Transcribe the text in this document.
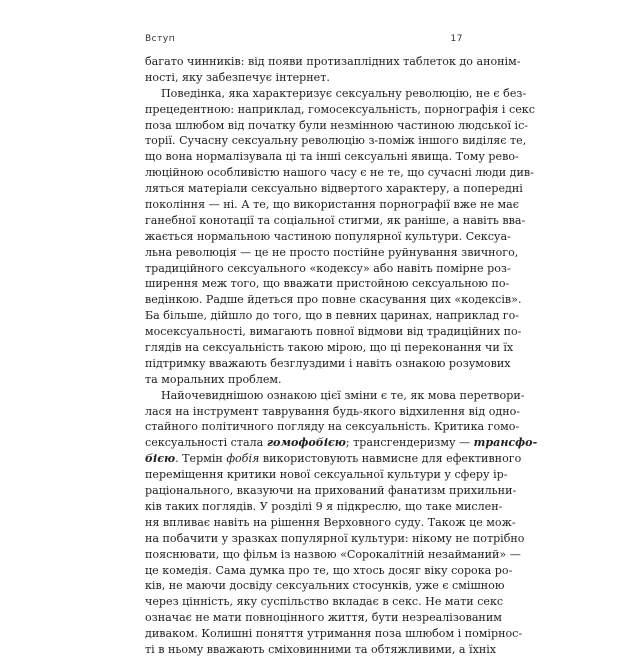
Вступ	17
багато чинників: від появи протизаплідних таблеток до анонім-
ності, яку забезпечує інтернет.
Поведінка, яка характеризує сексуальну революцію, не є без-
прецедентною: наприклад, гомосексуальність, порнографія і секс
поза шлюбом від початку були незмінною частиною людської іс-
торії. Сучасну сексуальну революцію з-поміж іншого виділяє те,
що вона нормалізувала ці та інші сексуальні явища. Тому рево-
люційною особливістю нашого часу є не те, що сучасні люди див-
ляться матеріали сексуально відвертого характеру, а попередні
покоління — ні. А те, що використання порнографії вже не має
ганебної конотації та соціальної стигми, як раніше, а навіть вва-
жається нормальною частиною популярної культури. Сексуа-
льна революція — це не просто постійне руйнування звичного,
традиційного сексуального «кодексу» або навіть помірне роз-
ширення меж того, що вважати пристойною сексуальною по-
ведінкою. Радше йдеться про повне скасування цих «кодексів».
Ба більше, дійшло до того, що в певних царинах, наприклад го-
мосексуальності, вимагають повної відмови від традиційних по-
глядів на сексуальність такою мірою, що ці переконання чи їх
підтримку вважають безглуздими і навіть ознакою розумових
та моральних проблем.
Найочевиднішою ознакою цієї зміни є те, як мова перетвори-
лася на інструмент таврування будь-якого відхилення від одно-
стайного політичного погляду на сексуальність. Критика гомо-
сексуальності стала гомофобією; трансгендеризму — трансфо-
бією. Термін фобія використовують навмисне для ефективного
переміщення критики нової сексуальної культури у сферу ір-
раціонального, вказуючи на прихований фанатизм прихильни-
ків таких поглядів. У розділі 9 я підкреслю, що таке мислен-
ня впливає навіть на рішення Верховного суду. Також це мож-
на побачити у зразках популярної культури: нікому не потрібно
пояснювати, що фільм із назвою «Сорокалітній незайманий» —
це комедія. Сама думка про те, що хтось досяг віку сорока ро-
ків, не маючи досвіду сексуальних стосунків, уже є смішною
через цінність, яку суспільство вкладає в секс. Не мати секс
означає не мати повноцінного життя, бути незреалізованим
диваком. Колишні поняття утримання поза шлюбом і помірнос-
ті в ньому вважають сміховинними та обтяжливими, а їхніх
